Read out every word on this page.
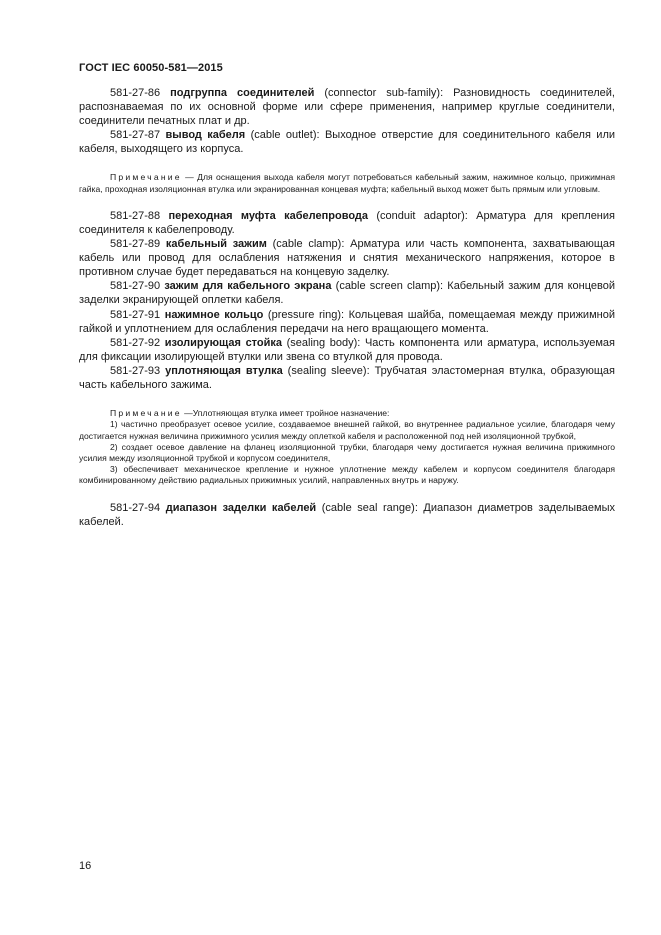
ГОСТ IEC 60050-581—2015

581-27-86 подгруппа соединителей (connector sub-family): Разновидность соединителей, распознаваемая по их основной форме или сфере применения, например круглые соединители, соединители печатных плат и др.

581-27-87 вывод кабеля (cable outlet): Выходное отверстие для соединительного кабеля или кабеля, выходящего из корпуса.

Примечание — Для оснащения выхода кабеля могут потребоваться кабельный зажим, нажимное кольцо, прижимная гайка, проходная изоляционная втулка или экранированная концевая муфта; кабельный выход может быть прямым или угловым.

581-27-88 переходная муфта кабелепровода (conduit adaptor): Арматура для крепления соединителя к кабелепроводу.

581-27-89 кабельный зажим (cable clamp): Арматура или часть компонента, захватывающая кабель или провод для ослабления натяжения и снятия механического напряжения, которое в противном случае будет передаваться на концевую заделку.

581-27-90 зажим для кабельного экрана (cable screen clamp): Кабельный зажим для концевой заделки экранирующей оплетки кабеля.

581-27-91 нажимное кольцо (pressure ring): Кольцевая шайба, помещаемая между прижимной гайкой и уплотнением для ослабления передачи на него вращающего момента.

581-27-92 изолирующая стойка (sealing body): Часть компонента или арматура, используемая для фиксации изолирующей втулки или звена со втулкой для провода.

581-27-93 уплотняющая втулка (sealing sleeve): Трубчатая эластомерная втулка, образующая часть кабельного зажима.

Примечание —Уплотняющая втулка имеет тройное назначение:

1) частично преобразует осевое усилие, создаваемое внешней гайкой, во внутреннее радиальное усилие, благодаря чему достигается нужная величина прижимного усилия между оплеткой кабеля и расположенной под ней изоляционной трубкой,

2) создает осевое давление на фланец изоляционной трубки, благодаря чему достигается нужная величина прижимного усилия между изоляционной трубкой и корпусом соединителя,

3) обеспечивает механическое крепление и нужное уплотнение между кабелем и корпусом соединителя благодаря комбинированному действию радиальных прижимных усилий, направленных внутрь и наружу.

581-27-94 диапазон заделки кабелей (cable seal range): Диапазон диаметров заделываемых кабелей.

16
